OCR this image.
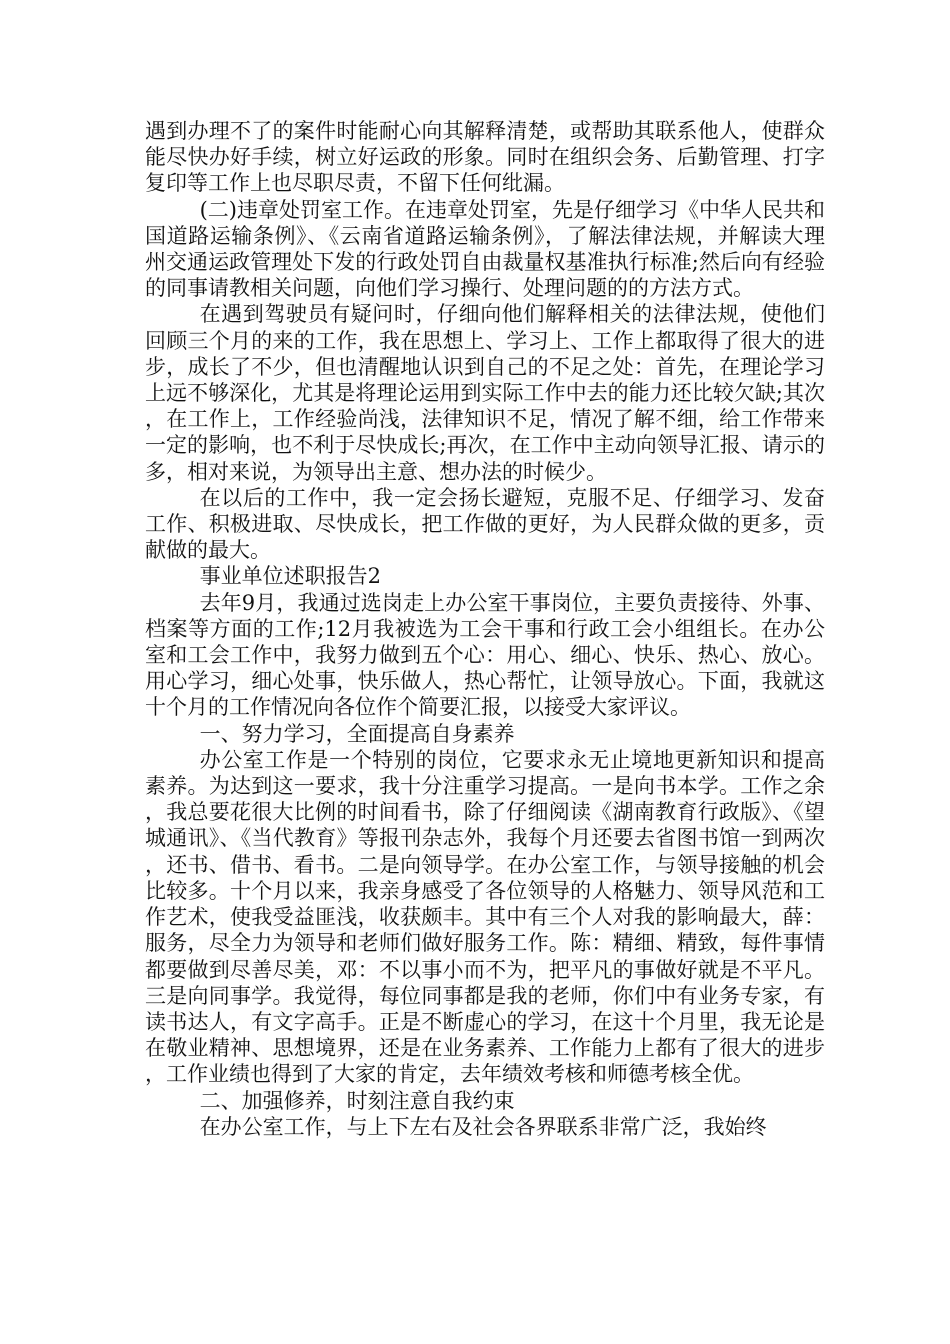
遇到办理不了的案件时能耐心向其解释清楚，或帮助其联系他人，使群众能尽快办好手续，树立好运政的形象。同时在组织会务、后勤管理、打字复印等工作上也尽职尽责，不留下任何纰漏。

(二)违章处罚室工作。在违章处罚室，先是仔细学习《中华人民共和国道路运输条例》、《云南省道路运输条例》，了解法律法规，并解读大理州交通运政管理处下发的行政处罚自由裁量权基准执行标准;然后向有经验的同事请教相关问题，向他们学习操行、处理问题的的方法方式。

在遇到驾驶员有疑问时，仔细向他们解释相关的法律法规，使他们回顾三个月的来的工作，我在思想上、学习上、工作上都取得了很大的进步，成长了不少，但也清醒地认识到自己的不足之处：首先，在理论学习上远不够深化，尤其是将理论运用到实际工作中去的能力还比较欠缺;其次，在工作上，工作经验尚浅，法律知识不足，情况了解不细，给工作带来一定的影响，也不利于尽快成长;再次，在工作中主动向领导汇报、请示的多，相对来说，为领导出主意、想办法的时候少。

在以后的工作中，我一定会扬长避短，克服不足、仔细学习、发奋工作、积极进取、尽快成长，把工作做的更好，为人民群众做的更多，贡献做的最大。

事业单位述职报告2

去年9月，我通过选岗走上办公室干事岗位，主要负责接待、外事、档案等方面的工作;12月我被选为工会干事和行政工会小组组长。在办公室和工会工作中，我努力做到五个心：用心、细心、快乐、热心、放心。用心学习，细心处事，快乐做人，热心帮忙，让领导放心。下面，我就这十个月的工作情况向各位作个简要汇报，以接受大家评议。

一、努力学习，全面提高自身素养

办公室工作是一个特别的岗位，它要求永无止境地更新知识和提高素养。为达到这一要求，我十分注重学习提高。一是向书本学。工作之余，我总要花很大比例的时间看书，除了仔细阅读《湖南教育行政版》、《望城通讯》、《当代教育》等报刊杂志外，我每个月还要去省图书馆一到两次，还书、借书、看书。二是向领导学。在办公室工作，与领导接触的机会比较多。十个月以来，我亲身感受了各位领导的人格魅力、领导风范和工作艺术，使我受益匪浅，收获颇丰。其中有三个人对我的影响最大，薛：服务，尽全力为领导和老师们做好服务工作。陈：精细、精致，每件事情都要做到尽善尽美，邓：不以事小而不为，把平凡的事做好就是不平凡。三是向同事学。我觉得，每位同事都是我的老师，你们中有业务专家，有读书达人，有文字高手。正是不断虚心的学习，在这十个月里，我无论是在敬业精神、思想境界，还是在业务素养、工作能力上都有了很大的进步，工作业绩也得到了大家的肯定，去年绩效考核和师德考核全优。

二、加强修养，时刻注意自我约束

在办公室工作，与上下左右及社会各界联系非常广泛，我始终
